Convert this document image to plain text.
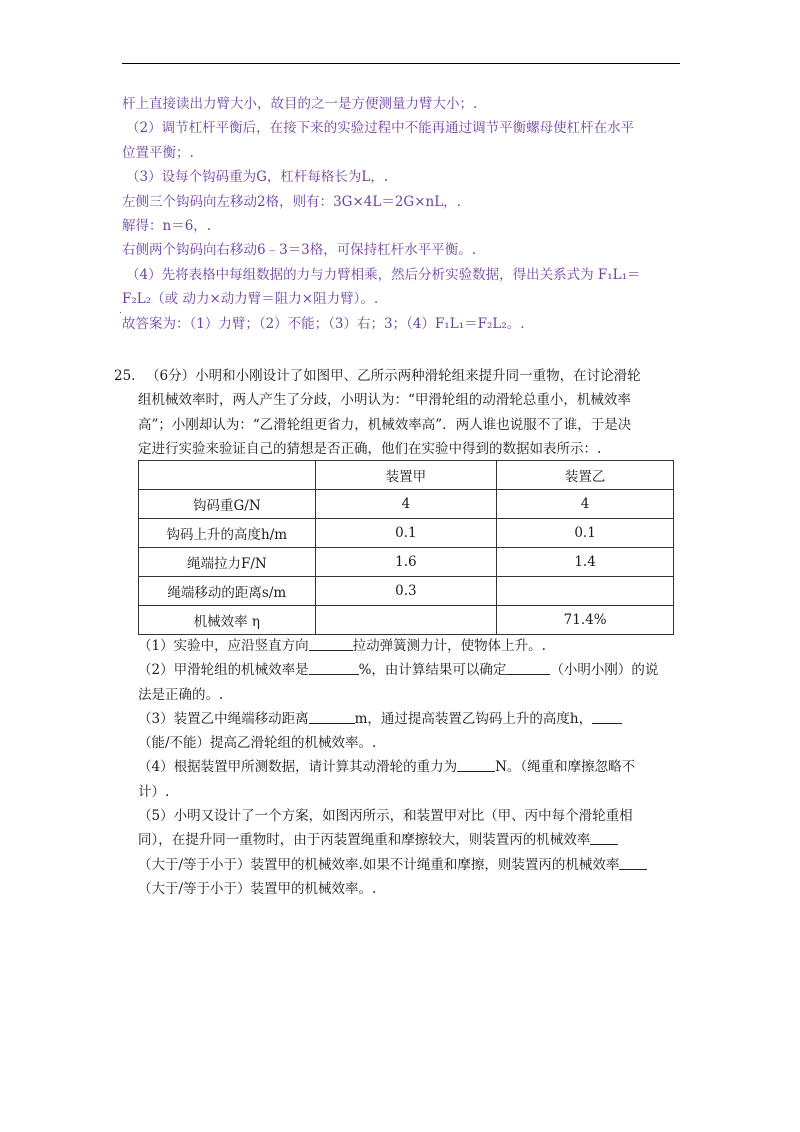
杆上直接读出力臂大小，故目的之一是方便测量力臂大小；.
（2）调节杠杆平衡后，在接下来的实验过程中不能再通过调节平衡螺母使杠杆在水平
位置平衡；.
（3）设每个钩码重为G，杠杆每格长为L，.
左侧三个钩码向左移动2格，则有：3G×4L＝2G×nL，.
解得：n＝6，.
右侧两个钩码向右移动6﹣3＝3格，可保持杠杆水平平衡。.
（4）先将表格中每组数据的力与力臂相乘，然后分析实验数据，得出关系式为 F₁L₁＝
F₂L₂（或 动力×动力臂＝阻力×阻力臂）。.
故答案为：（1）力臂；（2）不能；（3）右；3；（4）F₁L₁＝F₂L₂。.
.
25. （6分）小明和小刚设计了如图甲、乙所示两种滑轮组来提升同一重物，在讨论滑轮
组机械效率时，两人产生了分歧，小明认为：“甲滑轮组的动滑轮总重小，机械效率
高”；小刚却认为：“乙滑轮组更省力，机械效率高”．两人谁也说服不了谁，于是决
定进行实验来验证自己的猜想是否正确，他们在实验中得到的数据如表所示：.
	装置甲	装置乙
钩码重G/N	4	4
钩码上升的高度h/m	0.1	0.1
绳端拉力F/N	1.6	1.4
绳端移动的距离s/m	0.3	
机械效率 η		71.4%
（1）实验中，应沿竖直方向	拉动弹簧测力计，使物体上升。.
（2）甲滑轮组的机械效率是	%，由计算结果可以确定	（小明小刚）的说
法是正确的。.
（3）装置乙中绳端移动距离	m，通过提高装置乙钩码上升的高度h，
（能/不能）提高乙滑轮组的机械效率。.
（4）根据装置甲所测数据，请计算其动滑轮的重力为	N。（绳重和摩擦忽略不
计）.
（5）小明又设计了一个方案，如图丙所示，和装置甲对比（甲、丙中每个滑轮重相
同），在提升同一重物时，由于丙装置绳重和摩擦较大，则装置丙的机械效率
（大于/等于小于）装置甲的机械效率.如果不计绳重和摩擦，则装置丙的机械效率
（大于/等于小于）装置甲的机械效率。.
